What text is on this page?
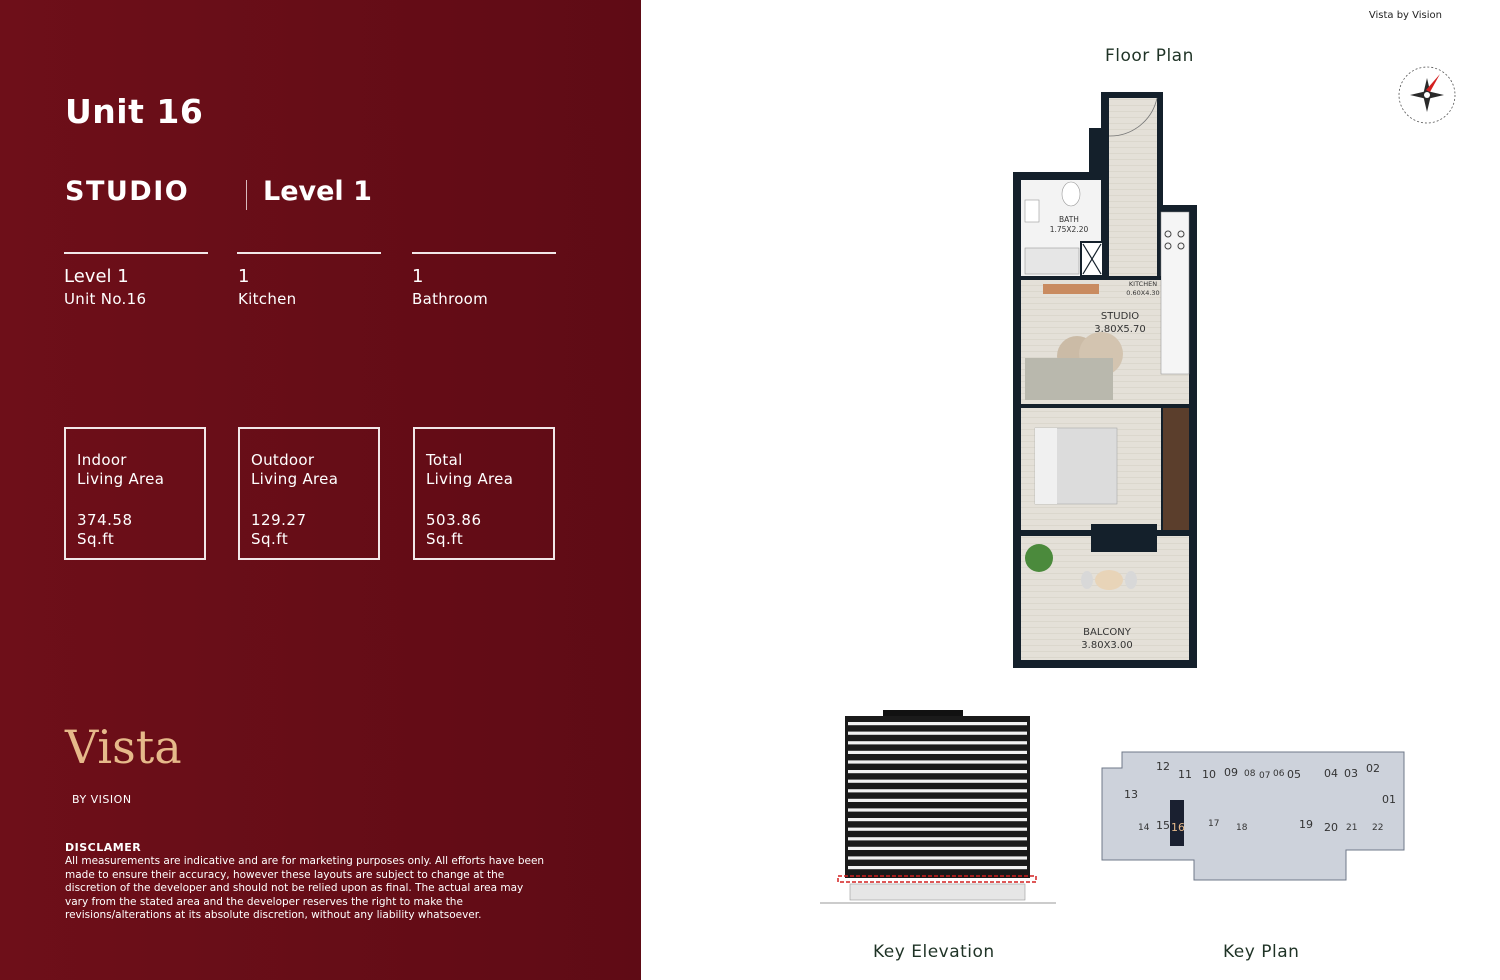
Unit 16
STUDIO	Level 1
Level 1
Unit No.16
1
Kitchen
1
Bathroom
Indoor
Living Area
374.58
Sq.ft
Outdoor
Living Area
129.27
Sq.ft
Total
Living Area
503.86
Sq.ft
Vista
BY VISION
DISCLAMER
All measurements are indicative and are for marketing purposes only. All efforts have been made to ensure their accuracy, however these layouts are subject to change at the discretion of the developer and should not be relied upon as final. The actual area may vary from the stated area and the developer reserves the right to make the revisions/alterations at its absolute discretion, without any liability whatsoever.
Vista by Vision
Floor Plan
Key Elevation	Key Plan
BATH
1.75X2.20
KITCHEN
0.60X4.30
STUDIO
3.80X5.70
BALCONY
3.80X3.00
12
11 10 09 08 07 06 05 04 03 02
01
13
14 15 16	17 18	19 20 21 22
